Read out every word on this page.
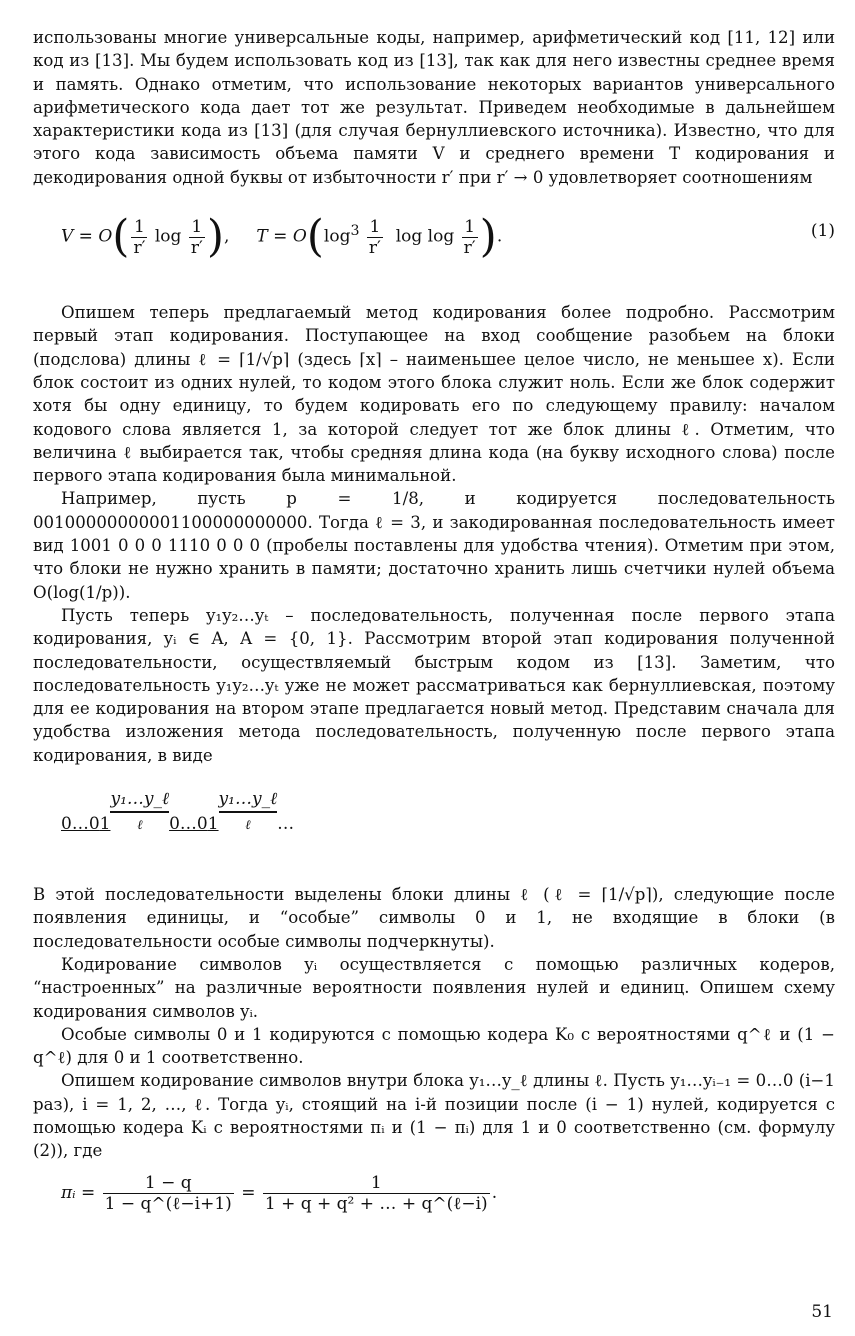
использованы многие универсальные коды, например, арифметический код [11, 12] или код из [13]. Мы будем использовать код из [13], так как для него известны среднее время и память. Однако отметим, что использование некоторых вариантов универсального арифметического кода дает тот же результат. Приведем необходимые в дальнейшем характеристики кода из [13] (для случая бернуллиевского источника). Известно, что для этого кода зависимость объема памяти V и среднего времени T кодирования и декодирования одной буквы от избыточности r′ при r′ → 0 удовлетворяет соотношениям

$V = O( \frac{1}{r'}$ $\log \frac{1}{r'}$ ),     $T = O(\log^3 \frac{1}{r'}$ $\log \log \frac{1}{r'}$ ).	(1)

Опишем теперь предлагаемый метод кодирования более подробно. Рассмотрим первый этап кодирования. Поступающее на вход сообщение разобьем на блоки (подслова) длины ℓ = ⌈1/√p⌉ (здесь ⌈x⌉ – наименьшее целое число, не меньшее x). Если блок состоит из одних нулей, то кодом этого блока служит ноль. Если же блок содержит хотя бы одну единицу, то будем кодировать его по следующему правилу: началом кодового слова является 1, за которой следует тот же блок длины ℓ. Отметим, что величина ℓ выбирается так, чтобы средняя длина кода (на букву исходного слова) после первого этапа кодирования была минимальной.

Например, пусть p = 1/8, и кодируется последовательность 00100000000001100000000000. Тогда ℓ = 3, и закодированная последовательность имеет вид 1001 0 0 0 1110 0 0 0 (пробелы поставлены для удобства чтения). Отметим при этом, что блоки не нужно хранить в памяти; достаточно хранить лишь счетчики нулей объема O(log(1/p)).

Пусть теперь y₁y₂…yₜ – последовательность, полученная после первого этапа кодирования, yᵢ ∈ A, A = {0, 1}. Рассмотрим второй этап кодирования полученной последовательности, осуществляемый быстрым кодом из [13]. Заметим, что последовательность y₁y₂…yₜ уже не может рассматриваться как бернуллиевская, поэтому для ее кодирования на втором этапе предлагается новый метод. Представим сначала для удобства изложения метода последовательность, полученную после первого этапа кодирования, в виде

0…01y₁…y_ℓ
ℓ	0…01y₁…y_ℓ
ℓ	…

В этой последовательности выделены блоки длины ℓ (ℓ = ⌈1/√p⌉), следующие после появления единицы, и “особые” символы 0 и 1, не входящие в блоки (в последовательности особые символы подчеркнуты).

Кодирование символов yᵢ осуществляется с помощью различных кодеров, “настроенных” на различные вероятности появления нулей и единиц. Опишем схему кодирования символов yᵢ.

Особые символы 0 и 1 кодируются с помощью кодера K₀ с вероятностями q^ℓ и (1 − q^ℓ) для 0 и 1 соответственно.

Опишем кодирование символов внутри блока y₁…y_ℓ длины ℓ. Пусть y₁…yᵢ₋₁ = 0…0 (i−1 раз), i = 1, 2, …, ℓ. Тогда yᵢ, стоящий на i-й позиции после (i − 1) нулей, кодируется с помощью кодера Kᵢ с вероятностями πᵢ и (1 − πᵢ) для 1 и 0 соответственно (см. формулу (2)), где

πᵢ = $\frac{1 - q}{\text{1 − q\textasciicircum{}(ℓ−i+1)}} = \frac{1}{\text{1 + q + q² + … + q\textasciicircum{}(ℓ−i)}}$ .
51
